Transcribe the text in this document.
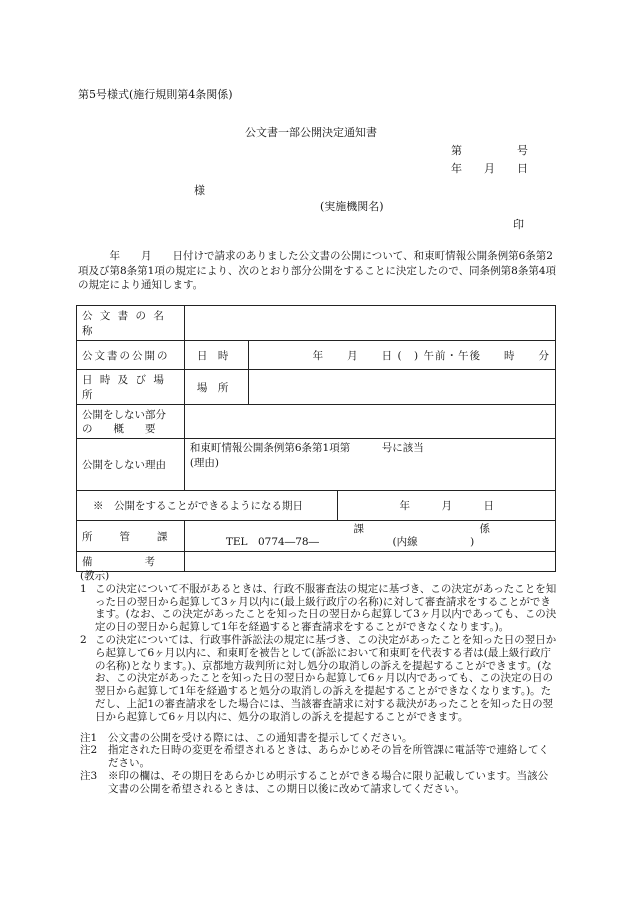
第5号様式(施行規則第4条関係)
公文書一部公開決定通知書
第　　　　　号
年　　月　　日
様
(実施機関名)
印
　　　年　　月　　日付けで請求のありました公文書の公開について、和東町情報公開条例第6条第2項及び第8条第1項の規定により、次のとおり部分公開をすることに決定したので、同条例第8条第4項の規定により通知します。
公 文 書 の 名 称			
公文書の公開の	日　時	年　　月　　日 (　) 午前・午後　　時　　分	
日 時 及 び 場 所	場　所		

公開をしない部分
の　　概　　要			

公開をしない理由	和東町情報公開条例第6条第1項第　　　号に該当
(理由)		

※　公開をすることができるようになる期日			年　　　月　　　日
所　　管　　課	課　　　　　　　　　　　係
TEL　0774―78―　　　　　　　(内線　　　　　)		

備　　　　考			
(教示)
1 この決定について不服があるときは、行政不服審査法の規定に基づき、この決定があったことを知った日の翌日から起算して3ヶ月以内に(最上級行政庁の名称)に対して審査請求をすることができます。(なお、この決定があったことを知った日の翌日から起算して3ヶ月以内であっても、この決定の日の翌日から起算して1年を経過すると審査請求をすることができなくなります。)。
2 この決定については、行政事件訴訟法の規定に基づき、この決定があったことを知った日の翌日から起算して6ヶ月以内に、和東町を被告として(訴訟において和東町を代表する者は(最上級行政庁の名称)となります。)、京都地方裁判所に対し処分の取消しの訴えを提起することができます。(なお、この決定があったことを知った日の翌日から起算して6ヶ月以内であっても、この決定の日の翌日から起算して1年を経過すると処分の取消しの訴えを提起することができなくなります。)。ただし、上記1の審査請求をした場合には、当該審査請求に対する裁決があったことを知った日の翌日から起算して6ヶ月以内に、処分の取消しの訴えを提起することができます。
注1	公文書の公開を受ける際には、この通知書を提示してください。
注2	指定された日時の変更を希望されるときは、あらかじめその旨を所管課に電話等で連絡してください。
注3	※印の欄は、その期日をあらかじめ明示することができる場合に限り記載しています。当該公文書の公開を希望されるときは、この期日以後に改めて請求してください。
